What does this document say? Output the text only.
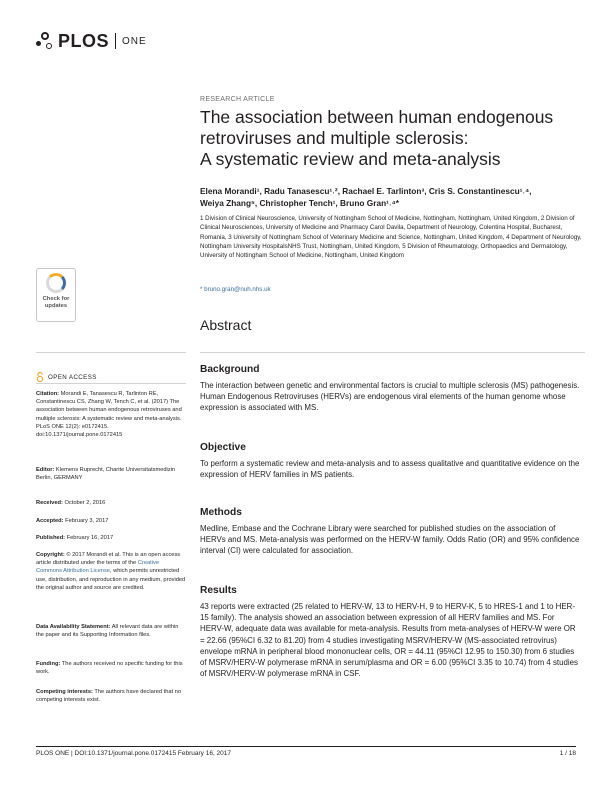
PLOS ONE
RESEARCH ARTICLE
The association between human endogenous
retroviruses and multiple sclerosis:
A systematic review and meta-analysis
Elena Morandi¹, Radu Tanasescu¹˒², Rachael E. Tarlinton³, Cris S. Constantinescu¹˒⁴,
Weiya Zhang⁵, Christopher Tench¹, Bruno Gran¹˒⁴*
1 Division of Clinical Neuroscience, University of Nottingham School of Medicine, Nottingham, Nottingham, United Kingdom, 2 Division of Clinical Neurosciences, University of Medicine and Pharmacy Carol Davila, Department of Neurology, Colentina Hospital, Bucharest, Romania, 3 University of Nottingham School of Veterinary Medicine and Science, Nottingham, United Kingdom, 4 Department of Neurology, Nottingham University HospitalsNHS Trust, Nottingham, United Kingdom, 5 Division of Rheumatology, Orthopaedics and Dermatology, University of Nottingham School of Medicine, Nottingham, United Kingdom
* bruno.gran@nuh.nhs.uk
Check for
updates
Abstract
Background

The interaction between genetic and environmental factors is crucial to multiple sclerosis (MS) pathogenesis. Human Endogenous Retroviruses (HERVs) are endogenous viral elements of the human genome whose expression is associated with MS.

Objective

To perform a systematic review and meta-analysis and to assess qualitative and quantitative evidence on the expression of HERV families in MS patients.

Methods

Medline, Embase and the Cochrane Library were searched for published studies on the association of HERVs and MS. Meta-analysis was performed on the HERV-W family. Odds Ratio (OR) and 95% confidence interval (CI) were calculated for association.

Results

43 reports were extracted (25 related to HERV-W, 13 to HERV-H, 9 to HERV-K, 5 to HRES-1 and 1 to HER-15 family). The analysis showed an association between expression of all HERV families and MS. For HERV-W, adequate data was available for meta-analysis. Results from meta-analyses of HERV-W were OR = 22.66 (95%CI 6.32 to 81.20) from 4 studies investigating MSRV/HERV-W (MS-associated retrovirus) envelope mRNA in peripheral blood mononuclear cells, OR = 44.11 (95%CI 12.95 to 150.30) from 6 studies of MSRV/HERV-W polymerase mRNA in serum/plasma and OR = 6.00 (95%CI 3.35 to 10.74) from 4 studies of MSRV/HERV-W polymerase mRNA in CSF.

OPEN ACCESS
Citation: Morandi E, Tanasescu R, Tarlinton RE, Constantinescu CS, Zhang W, Tench C, et al. (2017) The association between human endogenous retroviruses and multiple sclerosis: A systematic review and meta-analysis. PLoS ONE 12(2): e0172415. doi:10.1371/journal.pone.0172415
Editor: Klemens Ruprecht, Charite Universitatsmedizin Berlin, GERMANY
Received: October 2, 2016
Accepted: February 3, 2017
Published: February 16, 2017
Copyright: © 2017 Morandi et al. This is an open access article distributed under the terms of the Creative Commons Attribution License, which permits unrestricted use, distribution, and reproduction in any medium, provided the original author and source are credited.
Data Availability Statement: All relevant data are within the paper and its Supporting Information files.
Funding: The authors received no specific funding for this work.
Competing interests: The authors have declared that no competing interests exist.
PLOS ONE | DOI:10.1371/journal.pone.0172415 February 16, 2017	1 / 18
